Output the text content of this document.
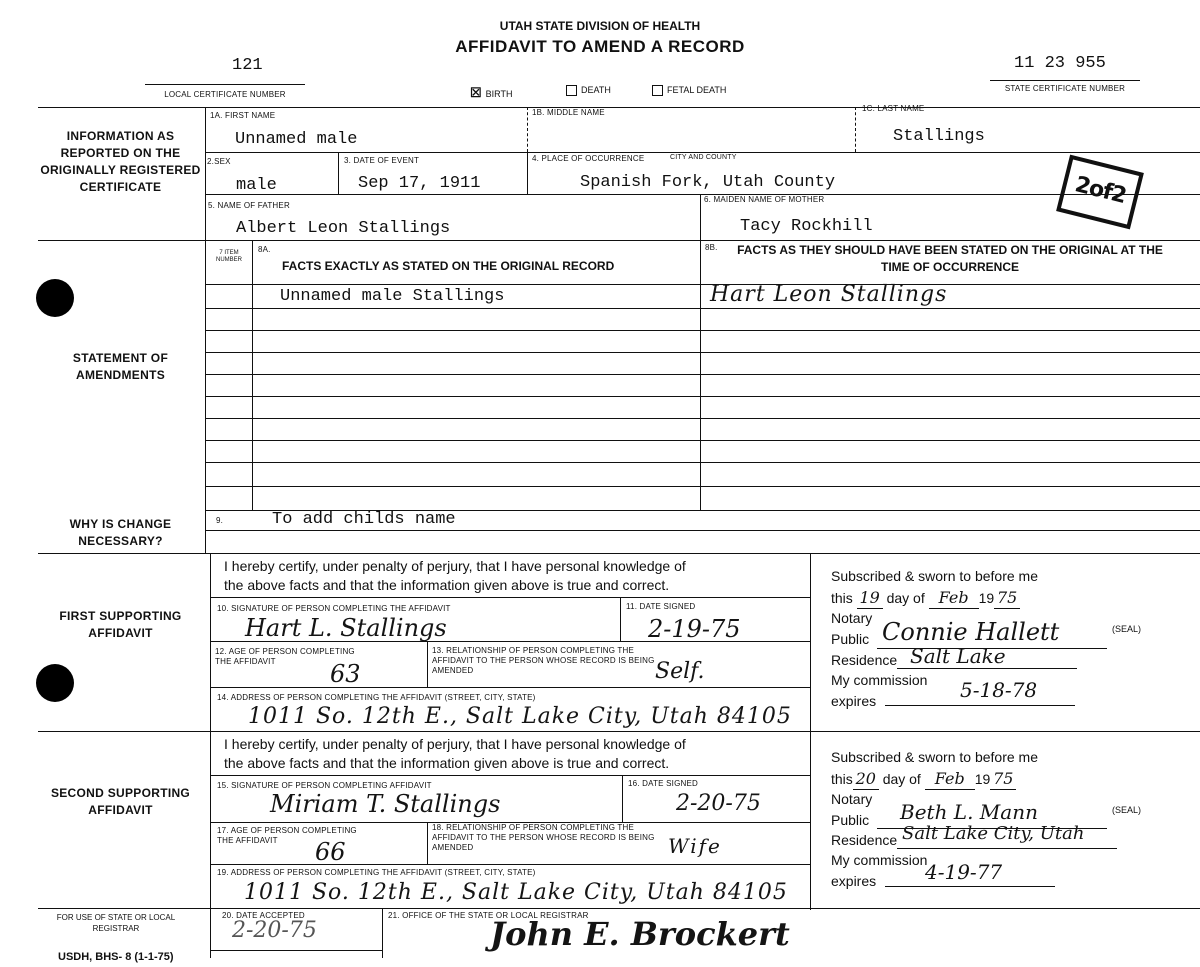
UTAH STATE DIVISION OF HEALTH
AFFIDAVIT TO AMEND A RECORD
121
LOCAL CERTIFICATE NUMBER
11 23 955
STATE CERTIFICATE NUMBER
☒ BIRTH	DEATH	FETAL DEATH
INFORMATION AS REPORTED ON THE ORIGINALLY REGISTERED CERTIFICATE
1A. FIRST NAME
Unnamed male
1B. MIDDLE NAME	1C. LAST NAME
Stallings
2.SEX
male
3. DATE OF EVENT
Sep 17, 1911
4. PLACE OF OCCURRENCE	CITY AND COUNTY
Spanish Fork, Utah County
5. NAME OF FATHER
Albert Leon Stallings
6. MAIDEN NAME OF MOTHER
Tacy Rockhill
2of2
STATEMENT OF AMENDMENTS
7 ITEM NUMBER
8A.
FACTS EXACTLY AS STATED ON THE ORIGINAL RECORD
8B. FACTS AS THEY SHOULD HAVE BEEN STATED ON THE ORIGINAL AT THE TIME OF OCCURRENCE
Unnamed male Stallings	Hart Leon Stallings
WHY IS CHANGE NECESSARY?
9.	To add childs name
FIRST SUPPORTING AFFIDAVIT
I hereby certify, under penalty of perjury, that I have personal knowledge of
the above facts and that the information given above is true and correct.
10. SIGNATURE OF PERSON COMPLETING THE AFFIDAVIT
Hart L. Stallings
11. DATE SIGNED
2-19-75
12. AGE OF PERSON COMPLETING THE AFFIDAVIT	63
13. RELATIONSHIP OF PERSON COMPLETING THE AFFIDAVIT TO THE PERSON WHOSE RECORD IS BEING AMENDED	Self.
14. ADDRESS OF PERSON COMPLETING THE AFFIDAVIT (STREET, CITY, STATE)
1011 So. 12th E., Salt Lake City, Utah 84105
Subscribed & sworn to before me
this 19 day of Feb 19 75
Notary
Public Connie Hallett	(SEAL)
Residence Salt Lake
My commission
expires	5-18-78
SECOND SUPPORTING AFFIDAVIT
I hereby certify, under penalty of perjury, that I have personal knowledge of
the above facts and that the information given above is true and correct.
15. SIGNATURE OF PERSON COMPLETING AFFIDAVIT
Miriam T. Stallings
16. DATE SIGNED
2-20-75
17. AGE OF PERSON COMPLETING THE AFFIDAVIT	66
18. RELATIONSHIP OF PERSON COMPLETING THE AFFIDAVIT TO THE PERSON WHOSE RECORD IS BEING AMENDED	Wife
19. ADDRESS OF PERSON COMPLETING THE AFFIDAVIT (STREET, CITY, STATE)
1011 So. 12th E., Salt Lake City, Utah 84105
Subscribed & sworn to before me
this 20 day of Feb 19 75
Notary
Public Beth L. Mann	(SEAL)
Residence Salt Lake City, Utah
My commission
expires 4-19-77
FOR USE OF STATE OR LOCAL REGISTRAR
20. DATE ACCEPTED
2-20-75
21. OFFICE OF THE STATE OR LOCAL REGISTRAR
John E. Brockert
USDH, BHS- 8 (1-1-75)
